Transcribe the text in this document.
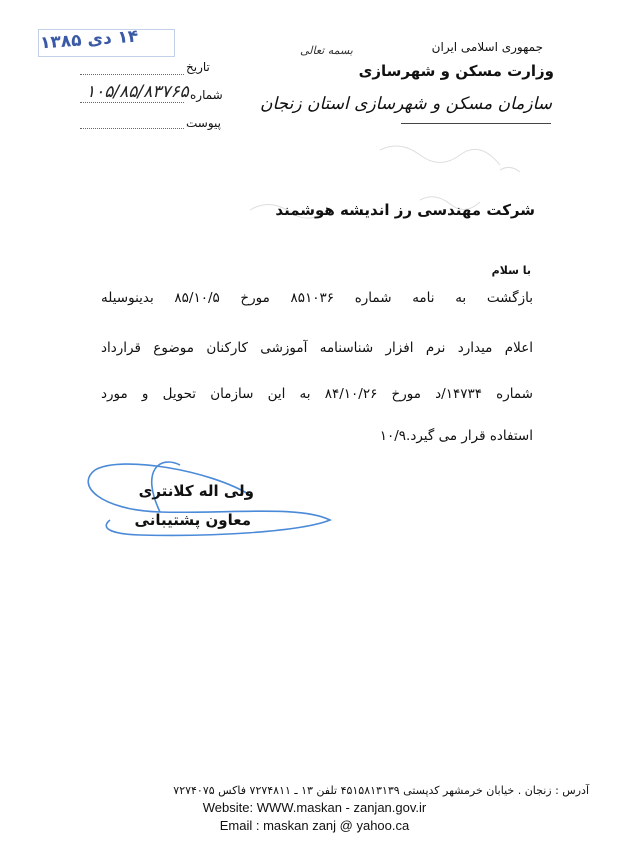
جمهوری اسلامی ایران
وزارت مسکن و شهرسازی
سازمان مسکن و شهرسازی استان زنجان
بسمه تعالی
۱۴ دی ۱۳۸۵
تاریخ
شماره
پیوست
۱۰۵/۸۵/۸۳۷۶۵
شرکت مهندسی رز اندیشه هوشمند
با سلام
بازگشت به نامه شماره ۸۵۱۰۳۶ مورخ ۸۵/۱۰/۵ بدینوسیله
اعلام میدارد نرم افزار شناسنامه آموزشی کارکنان موضوع قرارداد
شماره ۱۴۷۳۴/د مورخ ۸۴/۱۰/۲۶ به این سازمان تحویل و مورد
استفاده قرار می گیرد.۱۰/۹
ولی اله کلانتری
معاون پشتیبانی
آدرس : زنجان . خیابان خرمشهر کدپستی ۴۵۱۵۸۱۳۱۳۹ تلفن ۱۳ ـ ۷۲۷۴۸۱۱ فاکس ۷۲۷۴۰۷۵
Website: WWW.maskan - zanjan.gov.ir
Email : maskan zanj @ yahoo.ca
